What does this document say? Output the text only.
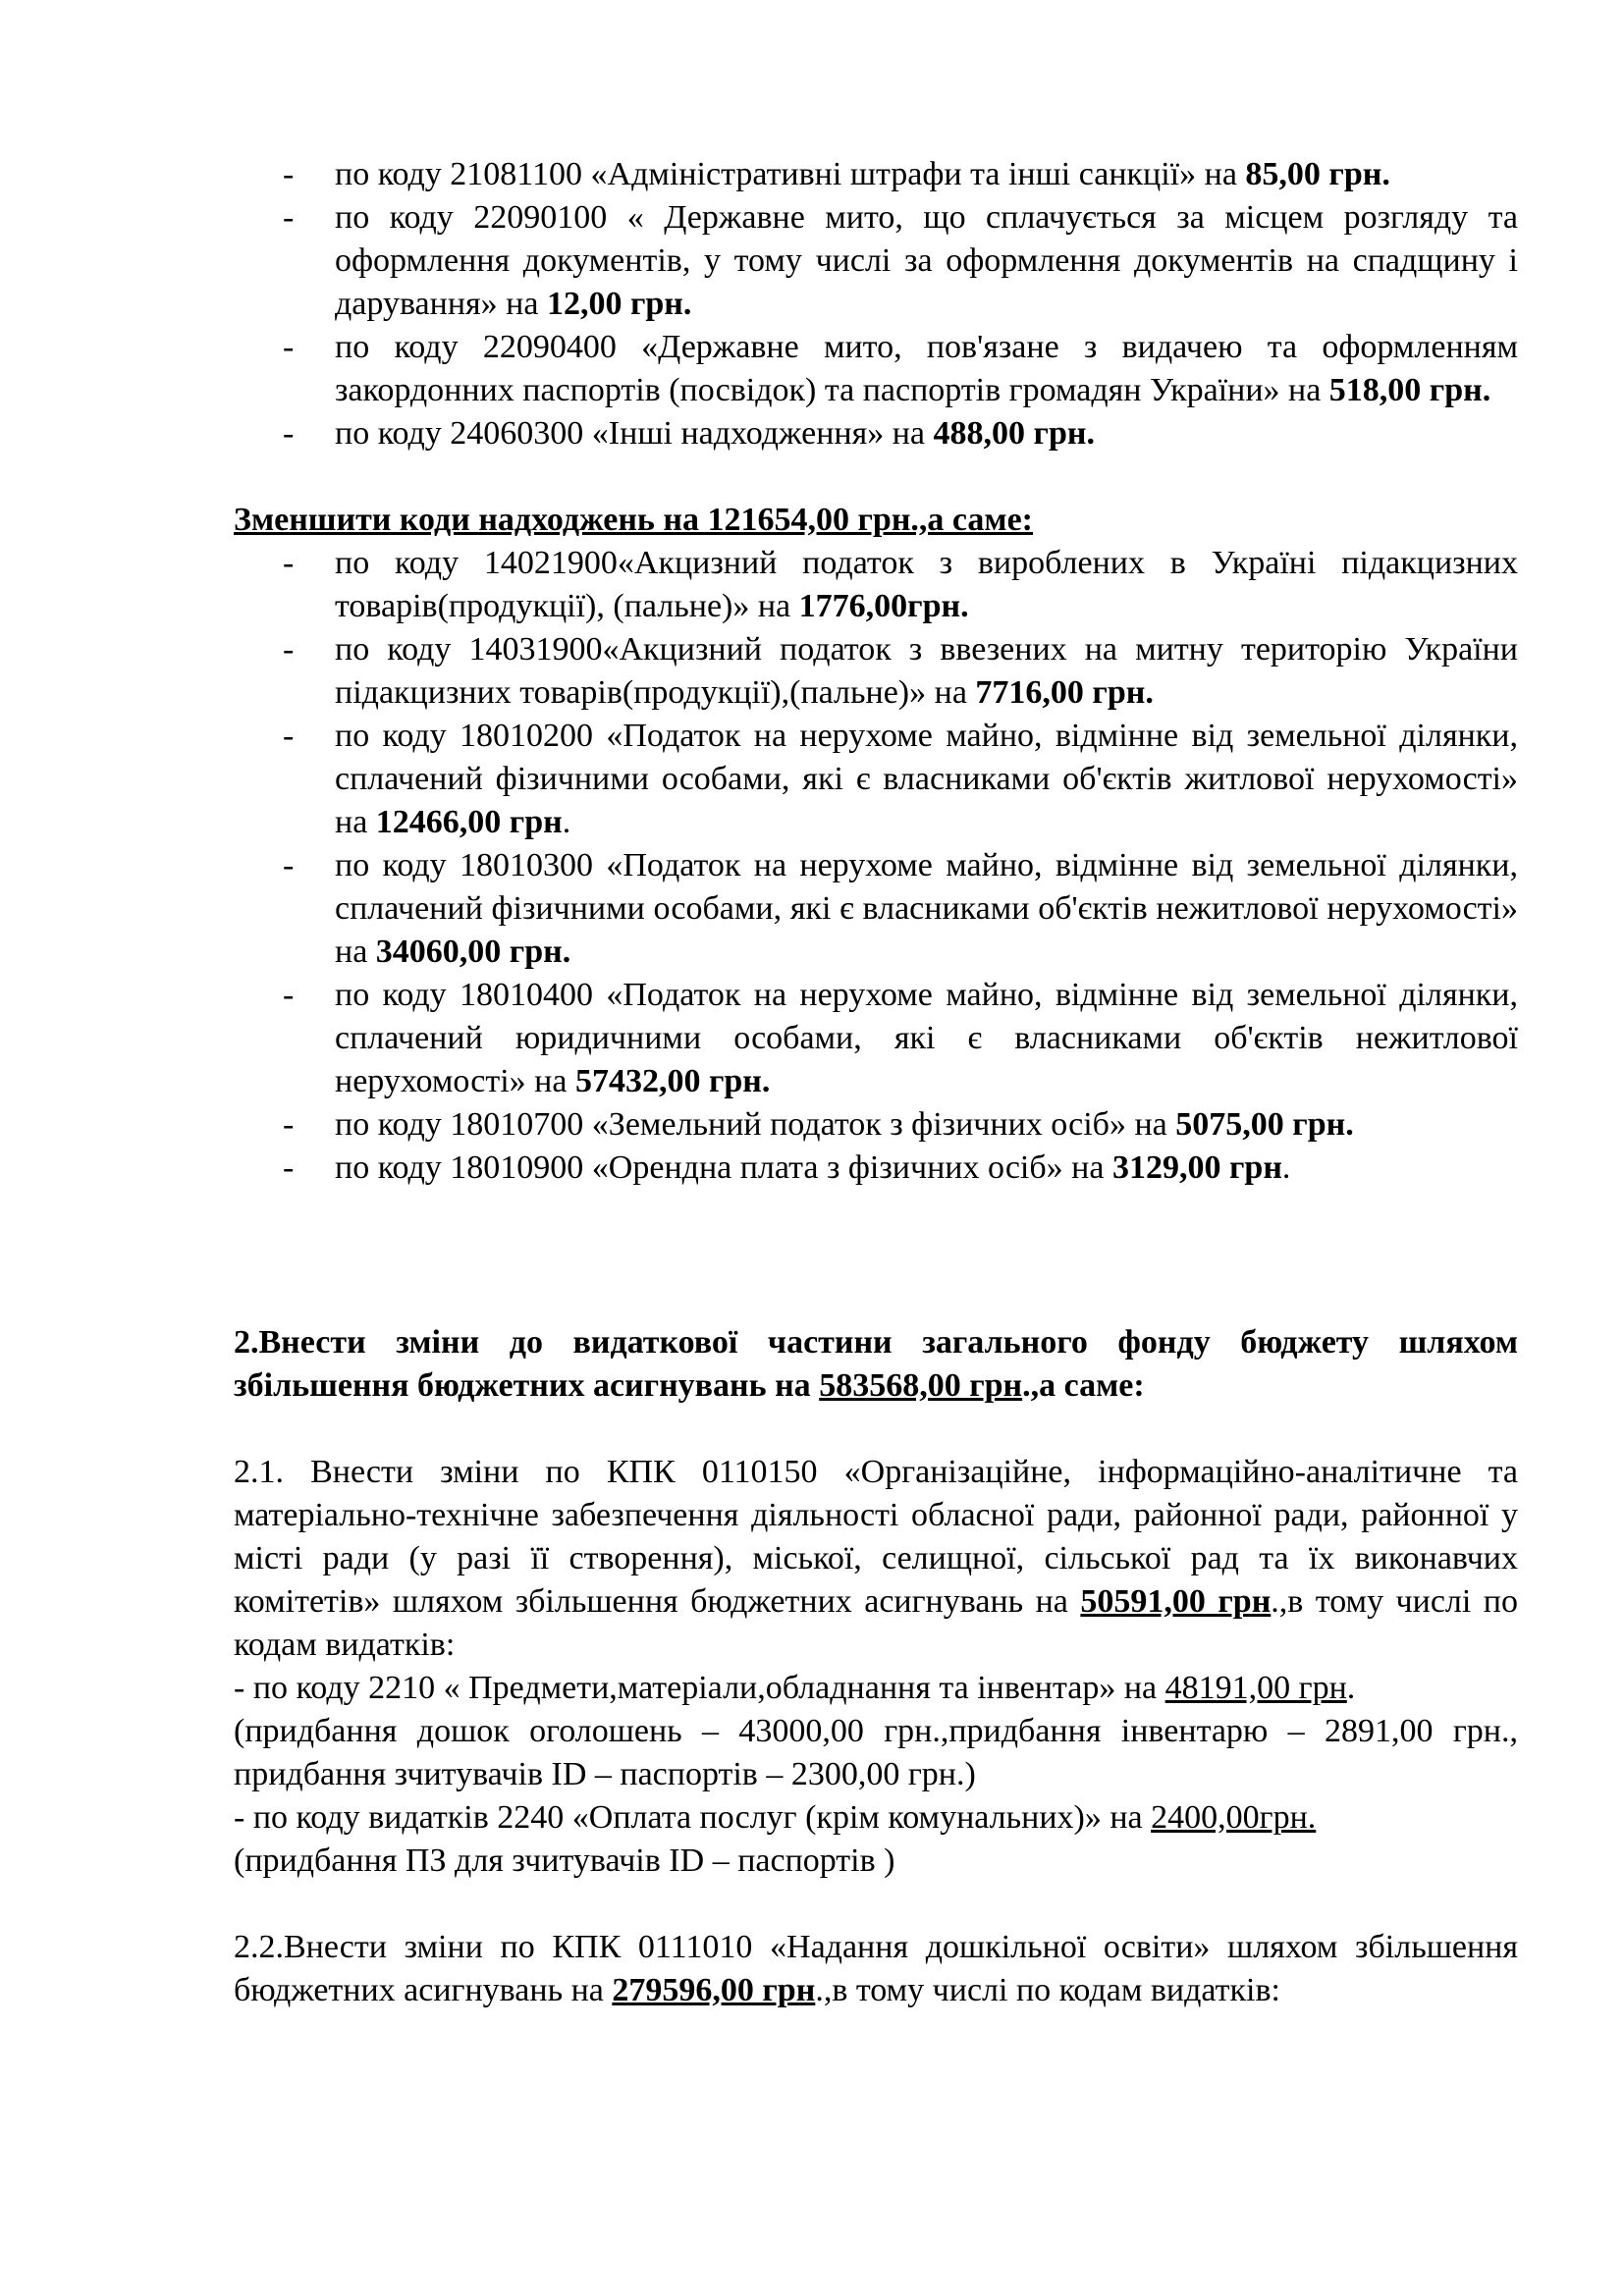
- по коду 21081100 «Адміністративні штрафи та інші санкції» на 85,00 грн.
- по коду 22090100 « Державне мито, що сплачується за місцем розгляду та оформлення документів, у тому числі за оформлення документів на спадщину і дарування» на 12,00 грн.
- по коду 22090400 «Державне мито, пов'язане з видачею та оформленням закордонних паспортів (посвідок) та паспортів громадян України» на 518,00 грн.
- по коду 24060300 «Інші надходження» на 488,00 грн.
Зменшити коди надходжень на 121654,00 грн.,а саме:
- по коду 14021900«Акцизний податок з вироблених в Україні підакцизних товарів(продукції), (пальне)» на 1776,00грн.
- по коду 14031900«Акцизний податок з ввезених на митну територію України підакцизних товарів(продукції),(пальне)» на 7716,00 грн.
- по коду 18010200 «Податок на нерухоме майно, відмінне від земельної ділянки, сплачений фізичними особами, які є власниками об'єктів житлової нерухомості» на 12466,00 грн.
- по коду 18010300 «Податок на нерухоме майно, відмінне від земельної ділянки, сплачений фізичними особами, які є власниками об'єктів нежитлової нерухомості» на 34060,00 грн.
- по коду 18010400 «Податок на нерухоме майно, відмінне від земельної ділянки, сплачений юридичними особами, які є власниками об'єктів нежитлової нерухомості» на 57432,00 грн.
- по коду 18010700 «Земельний податок з фізичних осіб» на 5075,00 грн.
- по коду 18010900 «Орендна плата з фізичних осіб» на 3129,00 грн.
2.Внести зміни до видаткової частини загального фонду бюджету шляхом збільшення бюджетних асигнувань на 583568,00 грн.,а саме:
2.1. Внести зміни по КПК 0110150 «Організаційне, інформаційно-аналітичне та матеріально-технічне забезпечення діяльності обласної ради, районної ради, районної у місті ради (у разі її створення), міської, селищної, сільської рад та їх виконавчих комітетів» шляхом збільшення бюджетних асигнувань на 50591,00 грн.,в тому числі по кодам видатків:
- по коду 2210 « Предмети,матеріали,обладнання та інвентар» на 48191,00 грн.
(придбання дошок оголошень – 43000,00 грн.,придбання інвентарю – 2891,00 грн., придбання зчитувачів ID – паспортів – 2300,00 грн.)
- по коду видатків 2240 «Оплата послуг (крім комунальних)» на 2400,00грн.
(придбання ПЗ для зчитувачів ID – паспортів )
2.2.Внести зміни по КПК 0111010 «Надання дошкільної освіти» шляхом збільшення бюджетних асигнувань на 279596,00 грн.,в тому числі по кодам видатків:
